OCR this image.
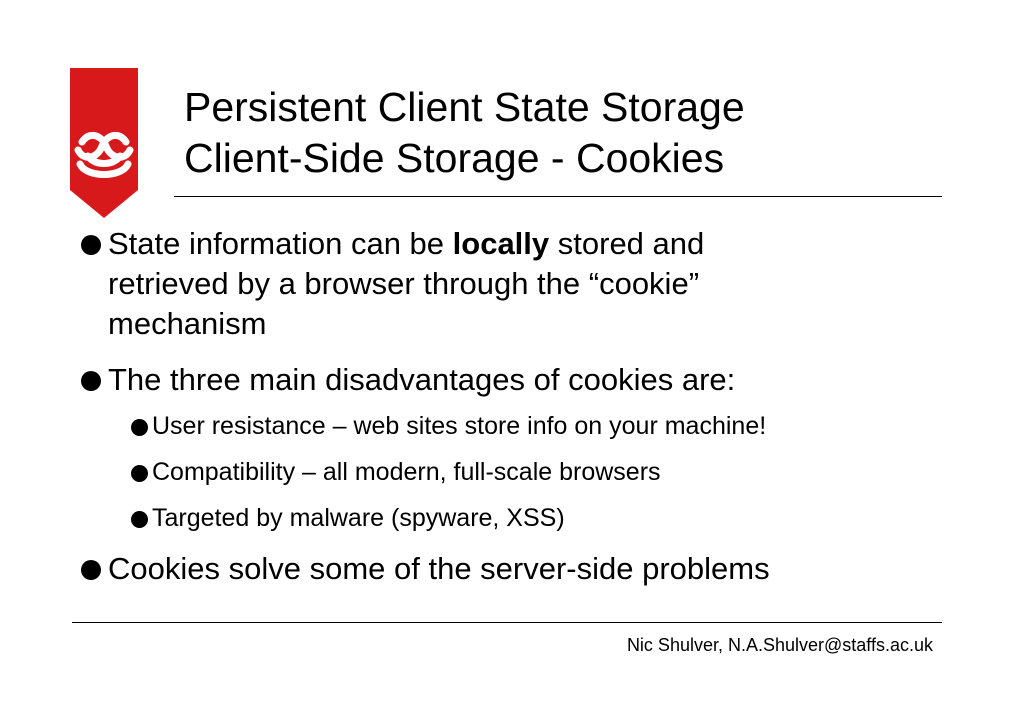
Persistent Client State Storage
Client-Side Storage - Cookies
State information can be locally stored and
retrieved by a browser through the “cookie”
mechanism
The three main disadvantages of cookies are:
User resistance – web sites store info on your machine!
Compatibility – all modern, full-scale browsers
Targeted by malware (spyware, XSS)
Cookies solve some of the server-side problems
Nic Shulver, N.A.Shulver@staffs.ac.uk
